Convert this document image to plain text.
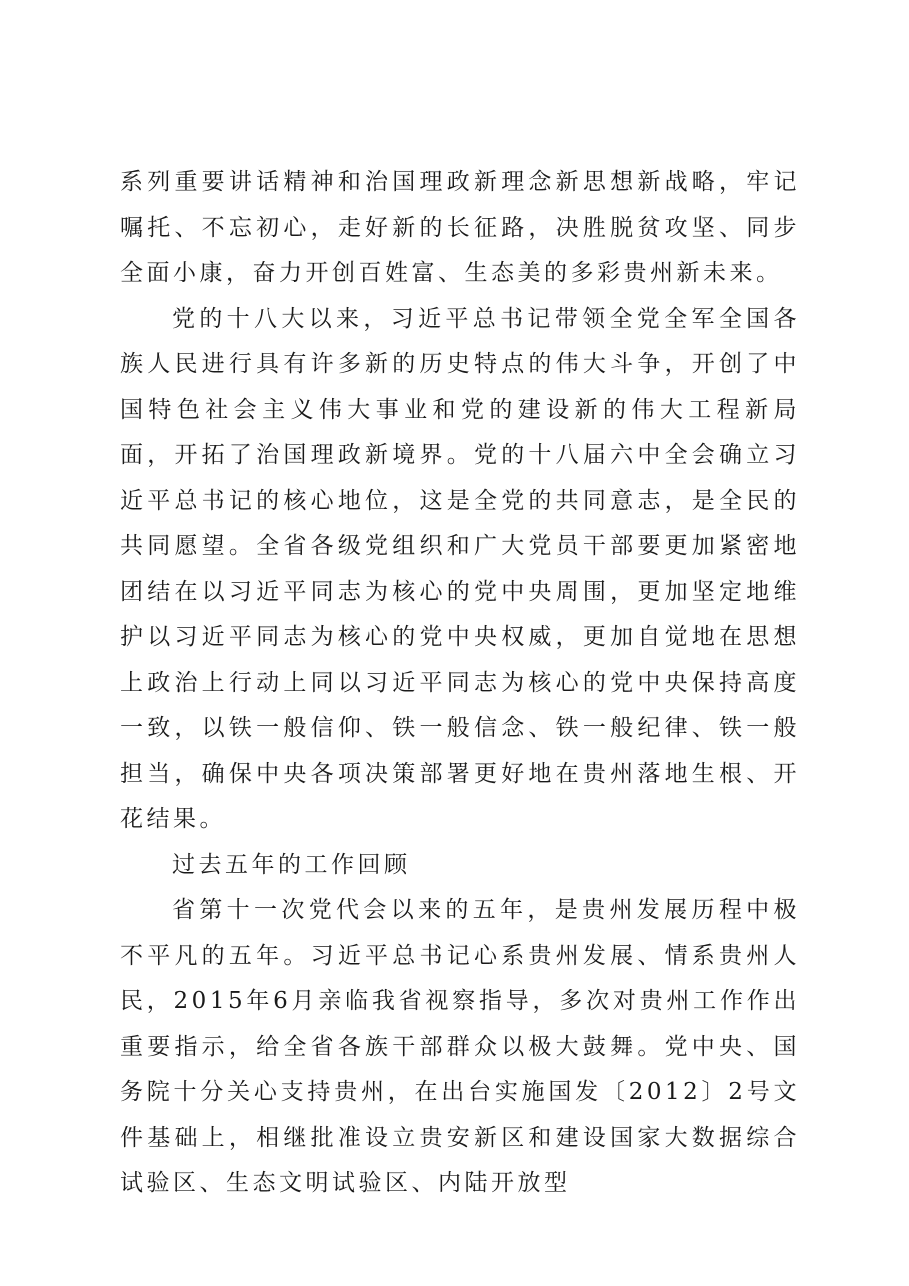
系列重要讲话精神和治国理政新理念新思想新战略，牢记嘱托、不忘初心，走好新的长征路，决胜脱贫攻坚、同步全面小康，奋力开创百姓富、生态美的多彩贵州新未来。

党的十八大以来，习近平总书记带领全党全军全国各族人民进行具有许多新的历史特点的伟大斗争，开创了中国特色社会主义伟大事业和党的建设新的伟大工程新局面，开拓了治国理政新境界。党的十八届六中全会确立习近平总书记的核心地位，这是全党的共同意志，是全民的共同愿望。全省各级党组织和广大党员干部要更加紧密地团结在以习近平同志为核心的党中央周围，更加坚定地维护以习近平同志为核心的党中央权威，更加自觉地在思想上政治上行动上同以习近平同志为核心的党中央保持高度一致，以铁一般信仰、铁一般信念、铁一般纪律、铁一般担当，确保中央各项决策部署更好地在贵州落地生根、开花结果。

过去五年的工作回顾

省第十一次党代会以来的五年，是贵州发展历程中极不平凡的五年。习近平总书记心系贵州发展、情系贵州人民，2015年6月亲临我省视察指导，多次对贵州工作作出重要指示，给全省各族干部群众以极大鼓舞。党中央、国务院十分关心支持贵州，在出台实施国发〔2012〕2号文件基础上，相继批准设立贵安新区和建设国家大数据综合试验区、生态文明试验区、内陆开放型
